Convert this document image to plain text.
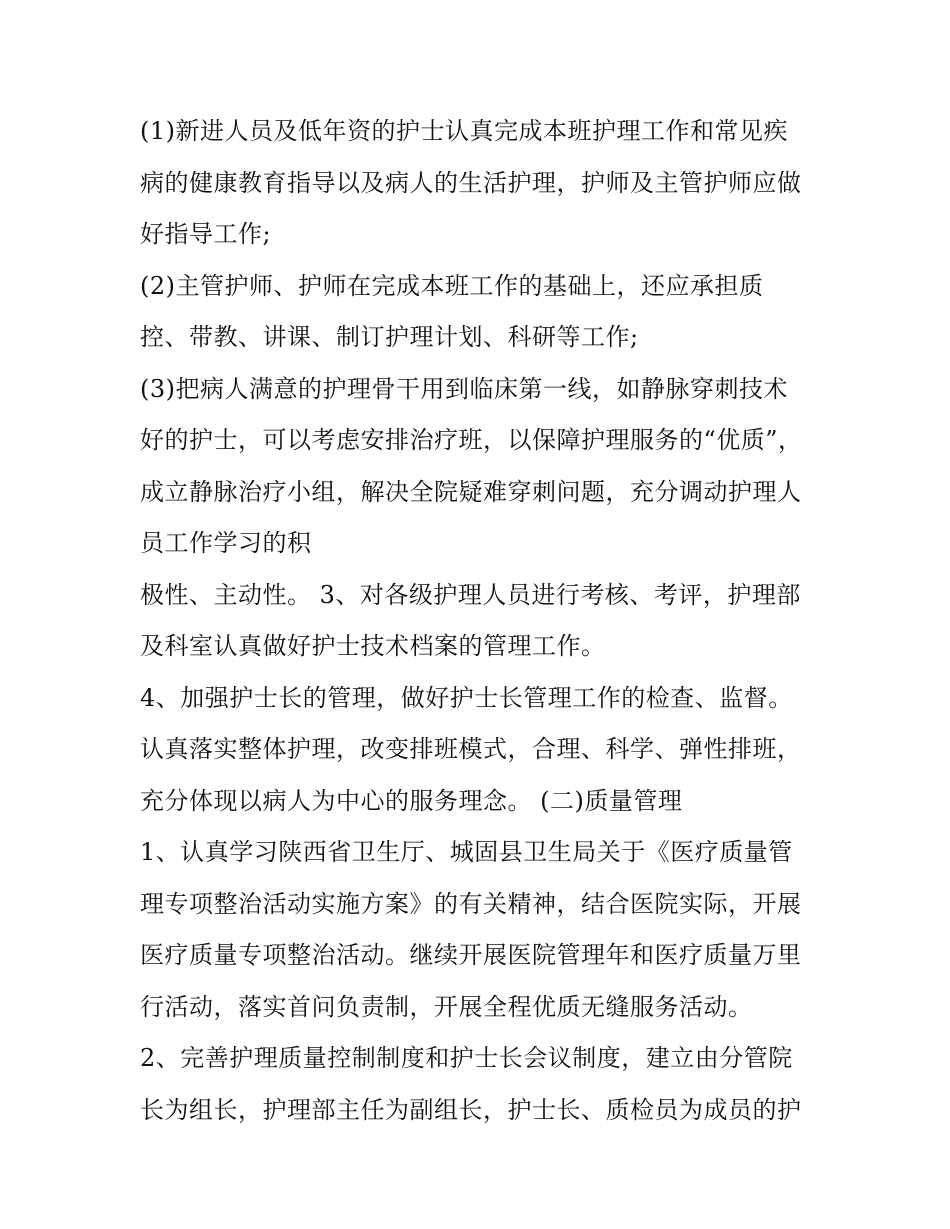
(1)新进人员及低年资的护士认真完成本班护理工作和常见疾
病的健康教育指导以及病人的生活护理，护师及主管护师应做
好指导工作;
(2)主管护师、护师在完成本班工作的基础上，还应承担质
控、带教、讲课、制订护理计划、科研等工作;
(3)把病人满意的护理骨干用到临床第一线，如静脉穿刺技术
好的护士，可以考虑安排治疗班，以保障护理服务的“优质”，
成立静脉治疗小组，解决全院疑难穿刺问题，充分调动护理人
员工作学习的积
极性、主动性。 3、对各级护理人员进行考核、考评，护理部
及科室认真做好护士技术档案的管理工作。
4、加强护士长的管理，做好护士长管理工作的检查、监督。
认真落实整体护理，改变排班模式，合理、科学、弹性排班，
充分体现以病人为中心的服务理念。 (二)质量管理
1、认真学习陕西省卫生厅、城固县卫生局关于《医疗质量管
理专项整治活动实施方案》的有关精神，结合医院实际，开展
医疗质量专项整治活动。继续开展医院管理年和医疗质量万里
行活动，落实首问负责制，开展全程优质无缝服务活动。
2、完善护理质量控制制度和护士长会议制度，建立由分管院
长为组长，护理部主任为副组长，护士长、质检员为成员的护
